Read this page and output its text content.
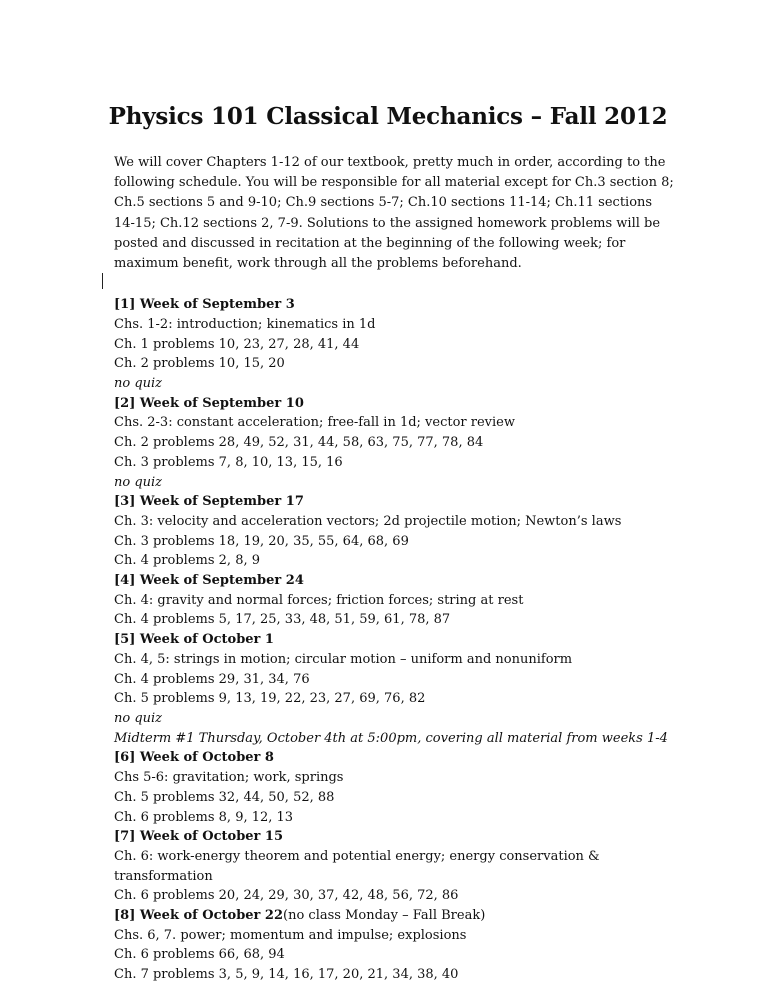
Physics 101 Classical Mechanics – Fall 2012

We will cover Chapters 1-12 of our textbook, pretty much in order, according to the following schedule. You will be responsible for all material except for Ch.3 section 8; Ch.5 sections 5 and 9-10; Ch.9 sections 5-7; Ch.10 sections 11-14; Ch.11 sections 14-15; Ch.12 sections 2, 7-9. Solutions to the assigned homework problems will be posted and discussed in recitation at the beginning of the following week; for maximum benefit, work through all the problems beforehand.

[1] Week of September 3
Chs. 1-2: introduction; kinematics in 1d
Ch. 1 problems 10, 23, 27, 28, 41, 44
Ch. 2 problems 10, 15, 20
no quiz
[2] Week of September 10
Chs. 2-3: constant acceleration; free-fall in 1d; vector review
Ch. 2 problems 28, 49, 52, 31, 44, 58, 63, 75, 77, 78, 84
Ch. 3 problems 7, 8, 10, 13, 15, 16
no quiz
[3] Week of September 17
Ch. 3: velocity and acceleration vectors; 2d projectile motion; Newton’s laws
Ch. 3 problems 18, 19, 20, 35, 55, 64, 68, 69
Ch. 4 problems 2, 8, 9
[4] Week of September 24
Ch. 4: gravity and normal forces; friction forces; string at rest
Ch. 4 problems 5, 17, 25, 33, 48, 51, 59, 61, 78, 87
[5] Week of October 1
Ch. 4, 5: strings in motion; circular motion – uniform and nonuniform
Ch. 4 problems 29, 31, 34, 76
Ch. 5 problems 9, 13, 19, 22, 23, 27, 69, 76, 82
no quiz
Midterm #1 Thursday, October 4th at 5:00pm, covering all material from weeks 1-4
[6] Week of October 8
Chs 5-6: gravitation; work, springs
Ch. 5 problems 32, 44, 50, 52, 88
Ch. 6 problems 8, 9, 12, 13
[7] Week of October 15
Ch. 6: work-energy theorem and potential energy; energy conservation & transformation
Ch. 6 problems 20, 24, 29, 30, 37, 42, 48, 56, 72, 86
[8] Week of October 22(no class Monday – Fall Break)
Chs. 6, 7. power; momentum and impulse; explosions
Ch. 6 problems 66, 68, 94
Ch. 7 problems 3, 5, 9, 14, 16, 17, 20, 21, 34, 38, 40
